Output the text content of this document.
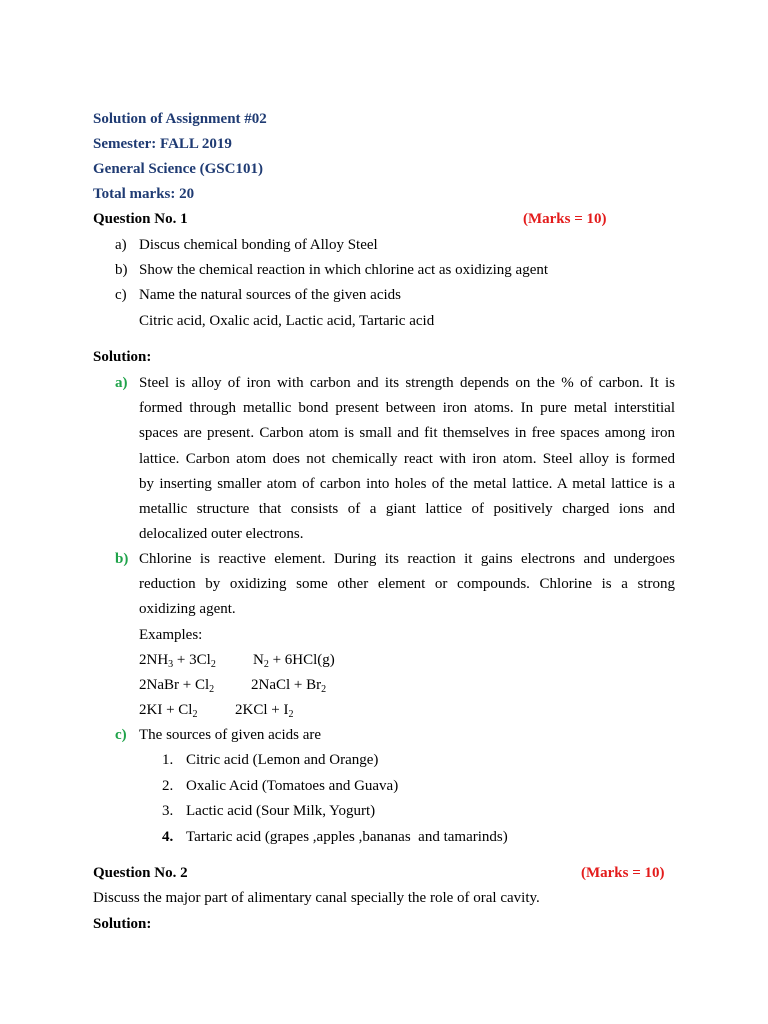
Solution of Assignment #02
Semester: FALL 2019
General Science (GSC101)
Total marks: 20
Question No. 1	(Marks = 10)
a) Discus chemical bonding of Alloy Steel
b) Show the chemical reaction in which chlorine act as oxidizing agent
c) Name the natural sources of the given acids
Citric acid, Oxalic acid, Lactic acid, Tartaric acid
Solution:
a) Steel is alloy of iron with carbon and its strength depends on the % of carbon. It is
formed through metallic bond present between iron atoms. In pure metal interstitial
spaces are present. Carbon atom is small and fit themselves in free spaces among iron
lattice. Carbon atom does not chemically react with iron atom. Steel alloy is formed
by inserting smaller atom of carbon into holes of the metal lattice. A metal lattice is a
metallic structure that consists of a giant lattice of positively charged ions and
delocalized outer electrons.
b) Chlorine is reactive element. During its reaction it gains electrons and undergoes
reduction by oxidizing some other element or compounds. Chlorine is a strong
oxidizing agent.
Examples:
$2NH_3 + 3Cl_2$ $N_2 + 6HCl(g)$
2NaBr + $Cl_2$ 2NaCl + $Br_2$
$2KI + Cl_2$	$2KCl + I_2$
c) The sources of given acids are
1. Citric acid (Lemon and Orange)
2. Oxalic Acid (Tomatoes and Guava)
3. Lactic acid (Sour Milk, Yogurt)
4. Tartaric acid (grapes ,apples ,bananas  and tamarinds)
Question No. 2	(Marks = 10)
Discuss the major part of alimentary canal specially the role of oral cavity.
Solution:
